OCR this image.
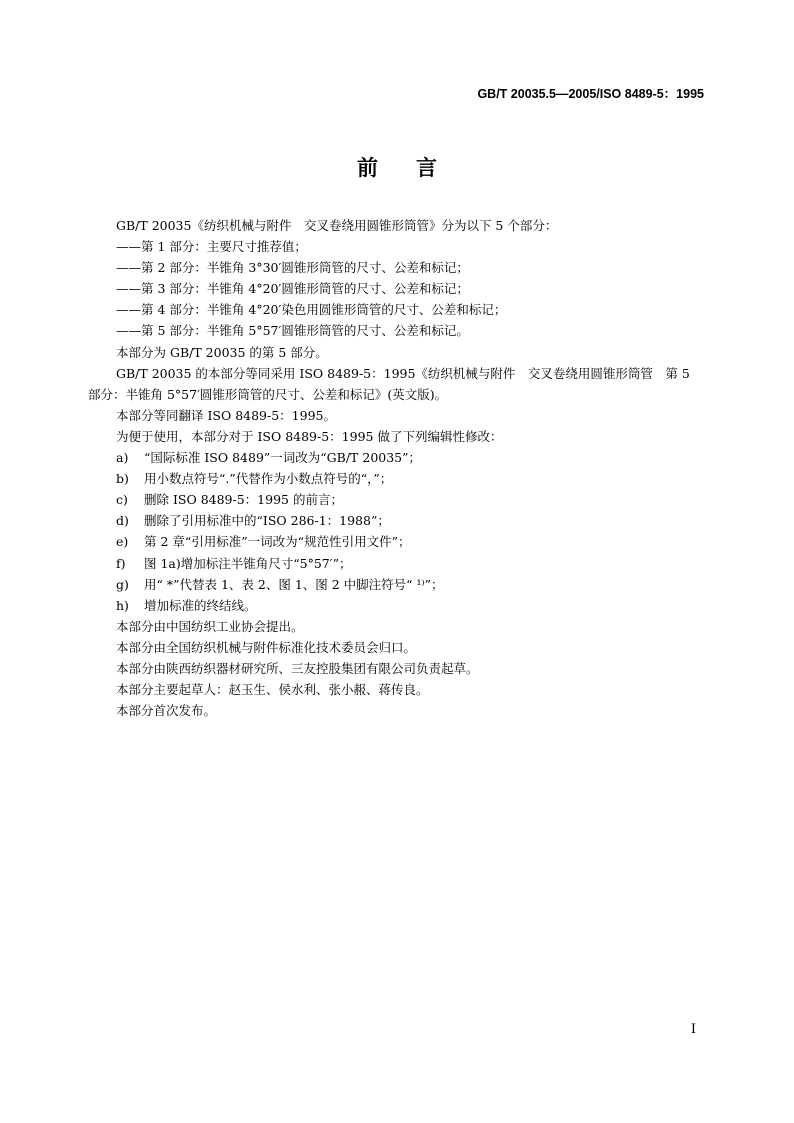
GB/T 20035.5—2005/ISO 8489-5：1995
前言
GB/T 20035《纺织机械与附件　交叉卷绕用圆锥形筒管》分为以下 5 个部分：
——第 1 部分：主要尺寸推荐值；
——第 2 部分：半锥角 3°30′圆锥形筒管的尺寸、公差和标记；
——第 3 部分：半锥角 4°20′圆锥形筒管的尺寸、公差和标记；
——第 4 部分：半锥角 4°20′染色用圆锥形筒管的尺寸、公差和标记；
——第 5 部分：半锥角 5°57′圆锥形筒管的尺寸、公差和标记。
本部分为 GB/T 20035 的第 5 部分。
GB/T 20035 的本部分等同采用 ISO 8489-5：1995《纺织机械与附件　交叉卷绕用圆锥形筒管　第 5 部分：半锥角 5°57′圆锥形筒管的尺寸、公差和标记》(英文版)。
本部分等同翻译 ISO 8489-5：1995。
为便于使用，本部分对于 ISO 8489-5：1995 做了下列编辑性修改：
a) “国际标准 ISO 8489”一词改为“GB/T 20035”；
b) 用小数点符号“.”代替作为小数点符号的“，”；
c) 删除 ISO 8489-5：1995 的前言；
d) 删除了引用标准中的“ISO 286-1：1988”；
e) 第 2 章“引用标准”一词改为“规范性引用文件”；
f) 图 1a)增加标注半锥角尺寸“5°57′”；
g) 用“ *”代替表 1、表 2、图 1、图 2 中脚注符号“ ¹⁾”；
h) 增加标准的终结线。
本部分由中国纺织工业协会提出。
本部分由全国纺织机械与附件标准化技术委员会归口。
本部分由陕西纺织器材研究所、三友控股集团有限公司负责起草。
本部分主要起草人：赵玉生、侯水利、张小赧、蒋传良。
本部分首次发布。
I
